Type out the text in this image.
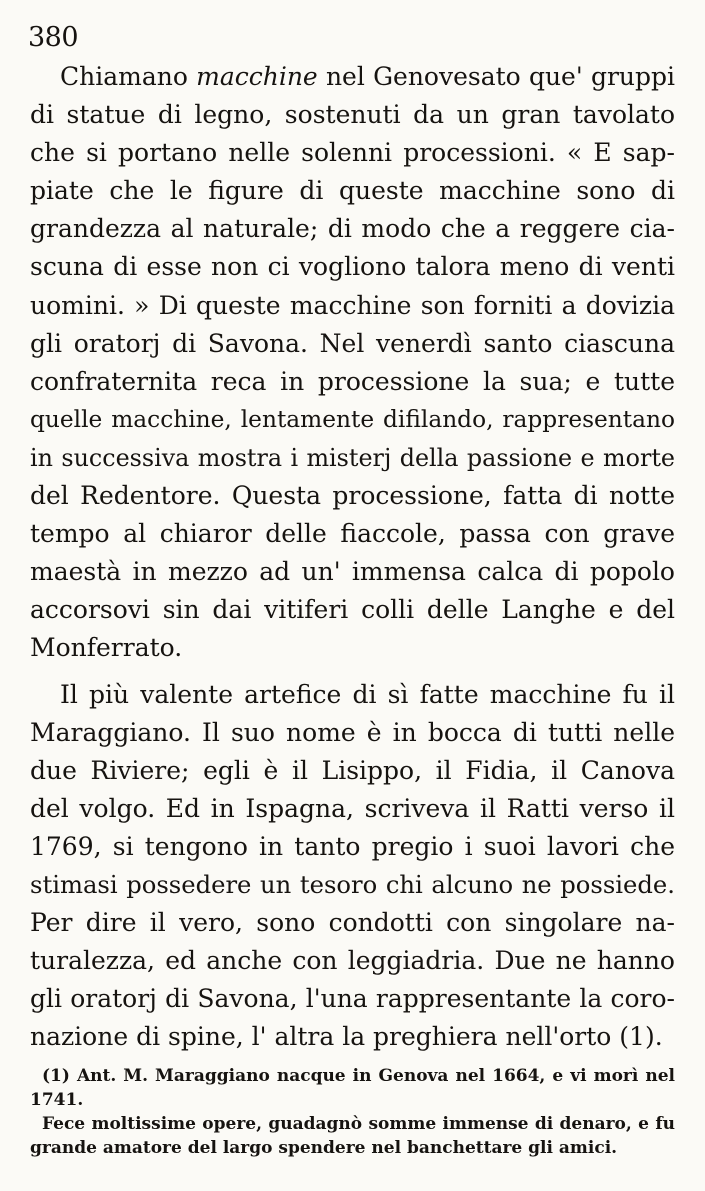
380
Chiamano macchine nel Genovesato que' gruppi
di statue di legno, sostenuti da un gran tavolato
che si portano nelle solenni processioni. « E sap-
piate che le figure di queste macchine sono di
grandezza al naturale; di modo che a reggere cia-
scuna di esse non ci vogliono talora meno di venti
uomini. » Di queste macchine son forniti a dovizia
gli oratorj di Savona. Nel venerdì santo ciascuna
confraternita reca in processione la sua; e tutte
quelle macchine, lentamente difilando, rappresentano
in successiva mostra i misterj della passione e morte
del Redentore. Questa processione, fatta di notte
tempo al chiaror delle fiaccole, passa con grave
maestà in mezzo ad un' immensa calca di popolo
accorsovi sin dai vitiferi colli delle Langhe e del
Monferrato.
Il più valente artefice di sì fatte macchine fu il
Maraggiano. Il suo nome è in bocca di tutti nelle
due Riviere; egli è il Lisippo, il Fidia, il Canova
del volgo. Ed in Ispagna, scriveva il Ratti verso il
1769, si tengono in tanto pregio i suoi lavori che
stimasi possedere un tesoro chi alcuno ne possiede.
Per dire il vero, sono condotti con singolare na-
turalezza, ed anche con leggiadria. Due ne hanno
gli oratorj di Savona, l'una rappresentante la coro-
nazione di spine, l' altra la preghiera nell'orto (1).
(1) Ant. M. Maraggiano nacque in Genova nel 1664, e vi morì nel
1741.
Fece moltissime opere, guadagnò somme immense di denaro, e fu
grande amatore del largo spendere nel banchettare gli amici.
